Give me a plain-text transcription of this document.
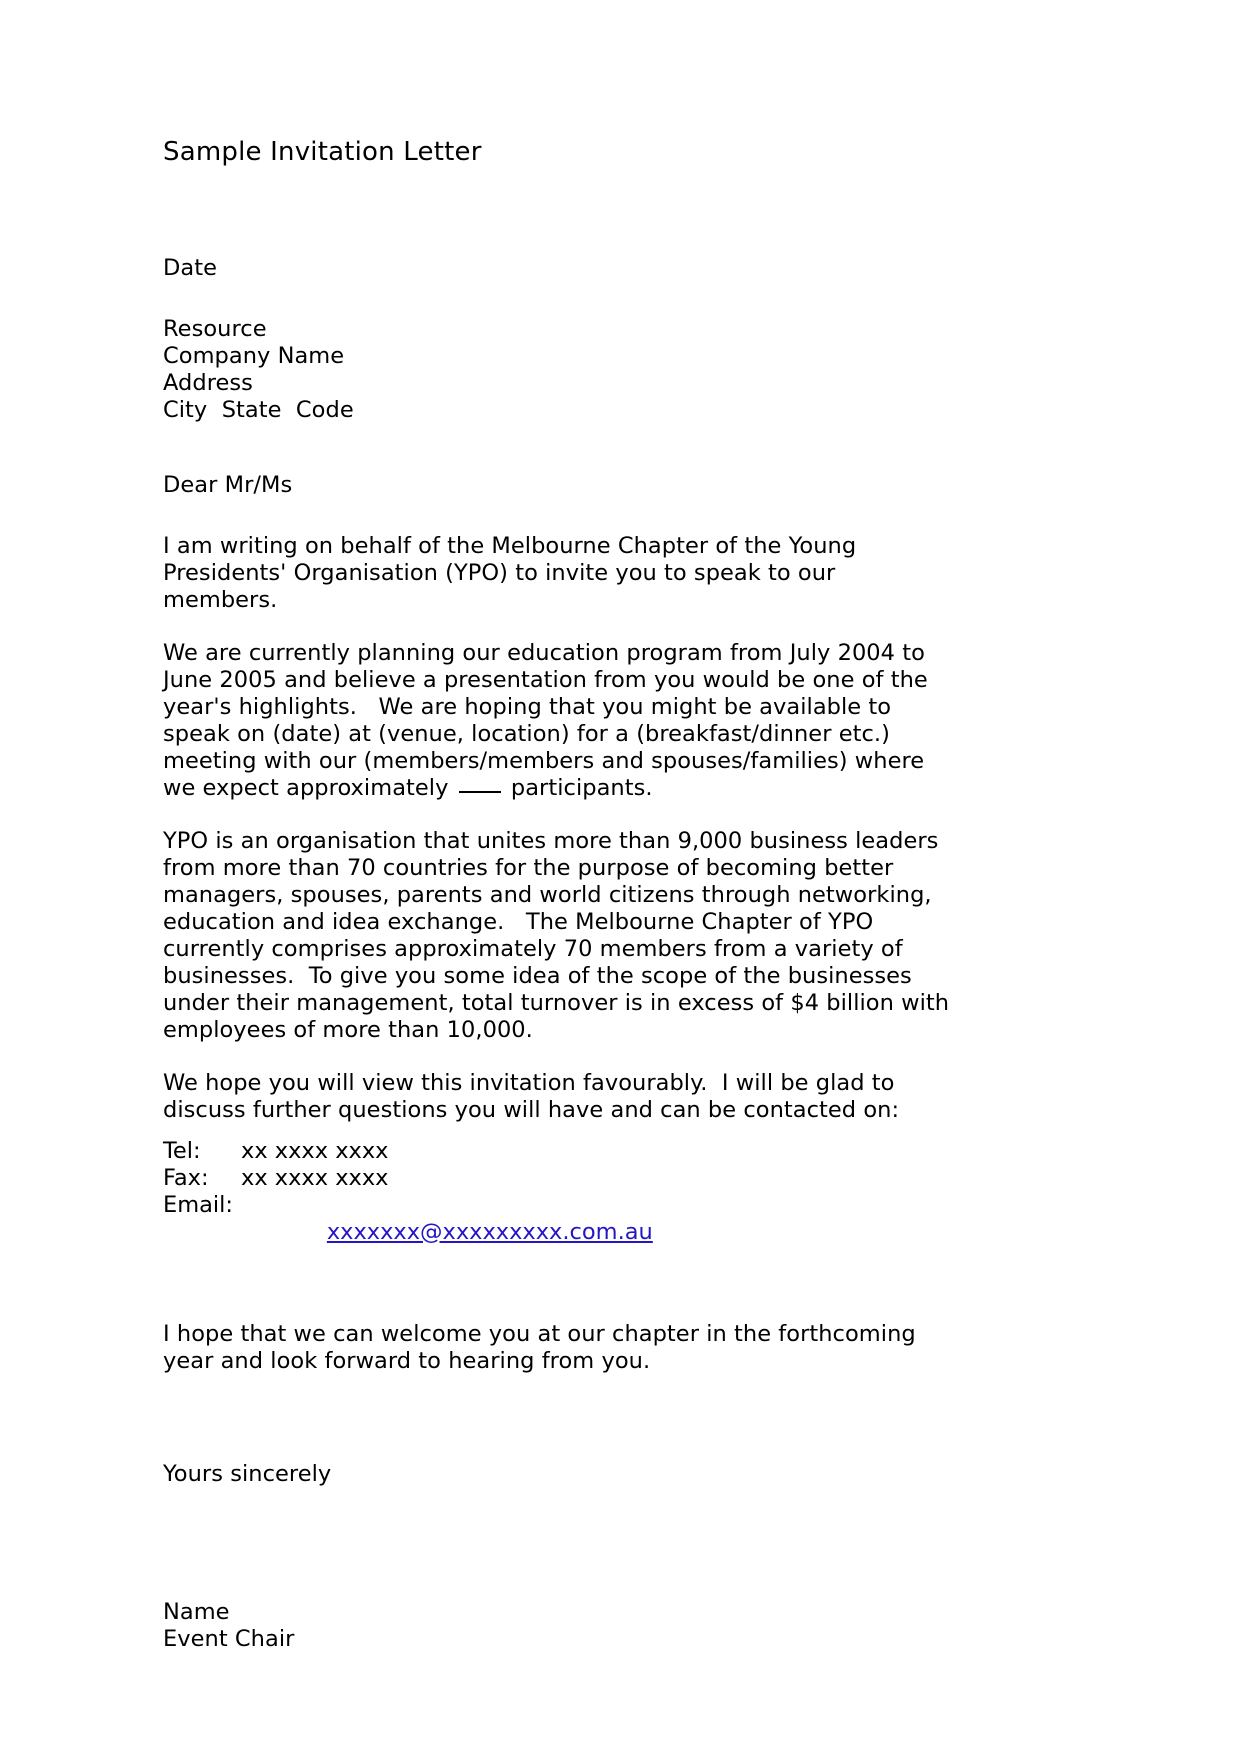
Sample Invitation Letter
Date
Resource
Company Name
Address
City  State  Code
Dear Mr/Ms

I am writing on behalf of the Melbourne Chapter of the Young Presidents' Organisation (YPO) to invite you to speak to our members.

We are currently planning our education program from July 2004 to June 2005 and believe a presentation from you would be one of the year's highlights.   We are hoping that you might be available to speak on (date) at (venue, location) for a (breakfast/dinner etc.)  meeting with our (members/members and spouses/families) where we expect approximately  participants.

YPO is an organisation that unites more than 9,000 business leaders from more than 70 countries for the purpose of becoming better managers, spouses, parents and world citizens through networking, education and idea exchange.   The Melbourne Chapter of YPO currently comprises approximately 70 members from a variety of businesses.  To give you some idea of the scope of the businesses under their management, total turnover is in excess of $4 billion with employees of more than 10,000.

We hope you will view this invitation favourably.  I will be glad to discuss further questions you will have and can be contacted on:

Tel:	xx xxxx xxxx
Fax:	xx xxxx xxxx
Email:	xxxxxxx@xxxxxxxxx.com.au

I hope that we can welcome you at our chapter in the forthcoming year and look forward to hearing from you.

Yours sincerely
Name
Event Chair
